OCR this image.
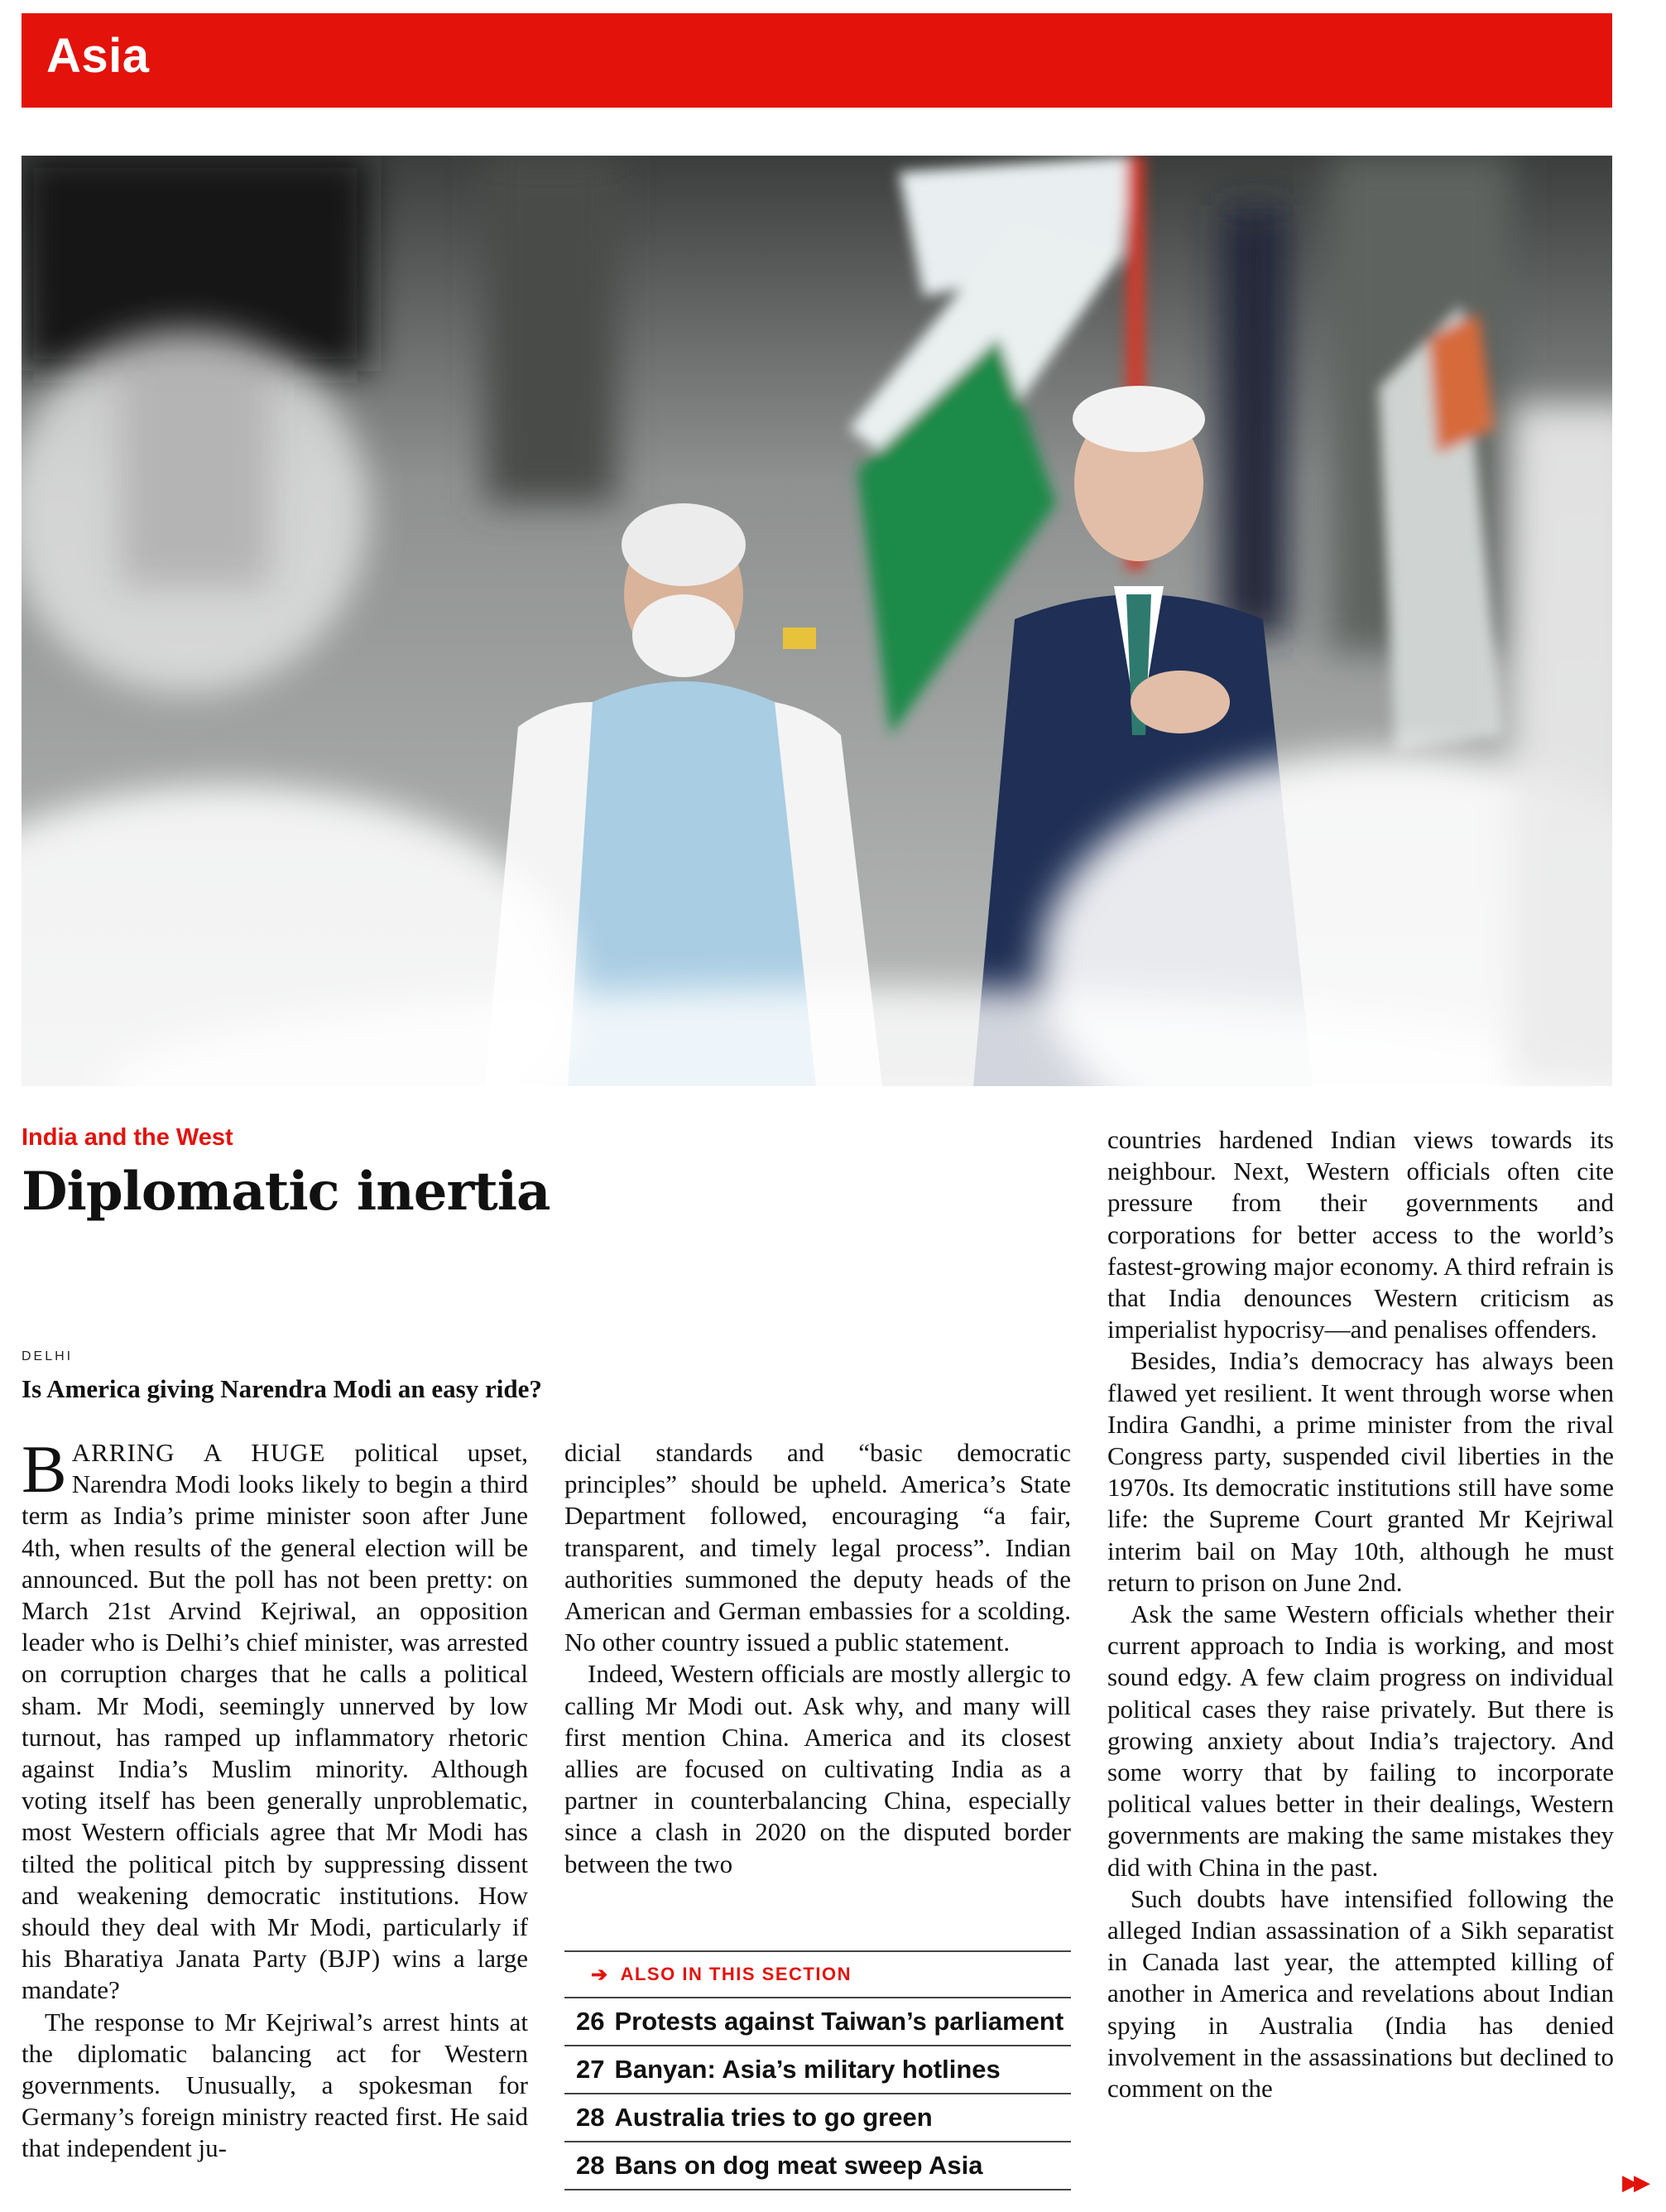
Asia
India and the West
Diplomatic inertia
DELHI
Is America giving Narendra Modi an easy ride?

BARRING A HUGE political upset, Narendra Modi looks likely to begin a third term as India’s prime minister soon after June 4th, when results of the general election will be announced. But the poll has not been pretty: on March 21st Arvind Kejriwal, an opposition leader who is Delhi’s chief minister, was arrested on corruption charges that he calls a political sham. Mr Modi, seemingly unnerved by low turnout, has ramped up inflammatory rhetoric against India’s Muslim minority. Although voting itself has been generally unproblematic, most Western officials agree that Mr Modi has tilted the political pitch by suppressing dissent and weakening democratic institutions. How should they deal with Mr Modi, particularly if his Bharatiya Janata Party (BJP) wins a large mandate?

The response to Mr Kejriwal’s arrest hints at the diplomatic balancing act for Western governments. Unusually, a spokesman for Germany’s foreign ministry reacted first. He said that independent ju-

dicial standards and “basic democratic principles” should be upheld. America’s State Department followed, encouraging “a fair, transparent, and timely legal process”. Indian authorities summoned the deputy heads of the American and German embassies for a scolding. No other country issued a public statement.

Indeed, Western officials are mostly allergic to calling Mr Modi out. Ask why, and many will first mention China. America and its closest allies are focused on cultivating India as a partner in counterbalancing China, especially since a clash in 2020 on the disputed border between the two

➔ ALSO IN THIS SECTION
26 Protests against Taiwan’s parliament
27 Banyan: Asia’s military hotlines
28 Australia tries to go green
28 Bans on dog meat sweep Asia

countries hardened Indian views towards its neighbour. Next, Western officials often cite pressure from their governments and corporations for better access to the world’s fastest-growing major economy. A third refrain is that India denounces Western criticism as imperialist hypocrisy—and penalises offenders.

Besides, India’s democracy has always been flawed yet resilient. It went through worse when Indira Gandhi, a prime minister from the rival Congress party, suspended civil liberties in the 1970s. Its democratic institutions still have some life: the Supreme Court granted Mr Kejriwal interim bail on May 10th, although he must return to prison on June 2nd.

Ask the same Western officials whether their current approach to India is working, and most sound edgy. A few claim progress on individual political cases they raise privately. But there is growing anxiety about India’s trajectory. And some worry that by failing to incorporate political values better in their dealings, Western governments are making the same mistakes they did with China in the past.

Such doubts have intensified following the alleged Indian assassination of a Sikh separatist in Canada last year, the attempted killing of another in America and revelations about Indian spying in Australia (India has denied involvement in the assassinations but declined to comment on the

▶▶
